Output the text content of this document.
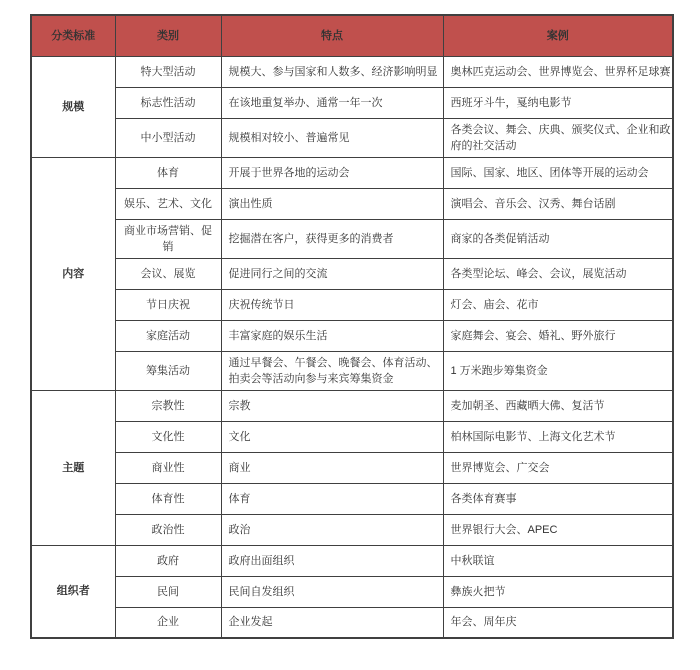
分类标准	类别	特点	案例
规模	特大型活动	规模大、参与国家和人数多、经济影响明显	奥林匹克运动会、世界博览会、世界杯足球赛
	标志性活动	在该地重复举办、通常一年一次	西班牙斗牛，戛纳电影节
	中小型活动	规模相对较小、普遍常见	各类会议、舞会、庆典、颁奖仪式、企业和政府的社交活动
内容	体育	开展于世界各地的运动会	国际、国家、地区、团体等开展的运动会
	娱乐、艺术、文化	演出性质	演唱会、音乐会、汉秀、舞台话剧
	商业市场营销、促销	挖掘潜在客户，获得更多的消费者	商家的各类促销活动
	会议、展览	促进同行之间的交流	各类型论坛、峰会、会议，展览活动
	节日庆祝	庆祝传统节日	灯会、庙会、花市
	家庭活动	丰富家庭的娱乐生活	家庭舞会、宴会、婚礼、野外旅行
	筹集活动	通过早餐会、午餐会、晚餐会、体育活动、拍卖会等活动向参与来宾筹集资金	1 万米跑步筹集资金
主题	宗教性	宗教	麦加朝圣、西藏晒大佛、复活节
	文化性	文化	柏林国际电影节、上海文化艺术节
	商业性	商业	世界博览会、广交会
	体育性	体育	各类体育赛事
	政治性	政治	世界银行大会、APEC
组织者	政府	政府出面组织	中秋联谊
	民间	民间自发组织	彝族火把节
	企业	企业发起	年会、周年庆
